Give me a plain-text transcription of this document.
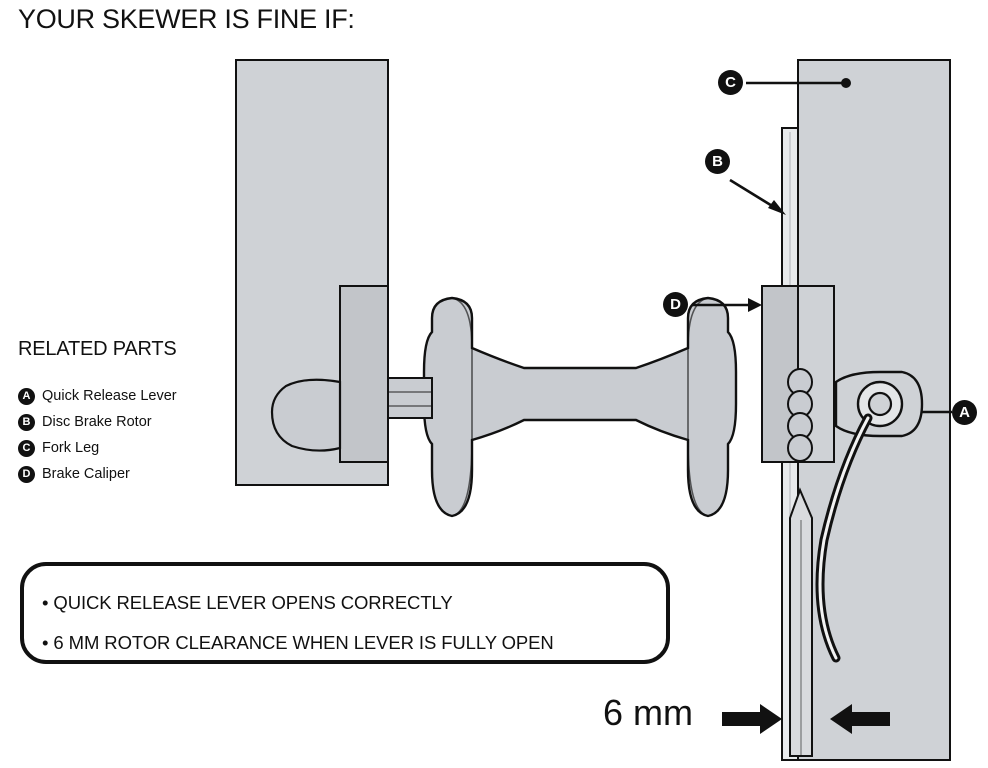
YOUR SKEWER IS FINE IF:
RELATED PARTS
A Quick Release Lever
B Disc Brake Rotor
C Fork Leg
D Brake Caliper
C
B
D
A
• QUICK RELEASE LEVER OPENS CORRECTLY
• 6 MM ROTOR CLEARANCE WHEN LEVER IS FULLY OPEN
6 mm
